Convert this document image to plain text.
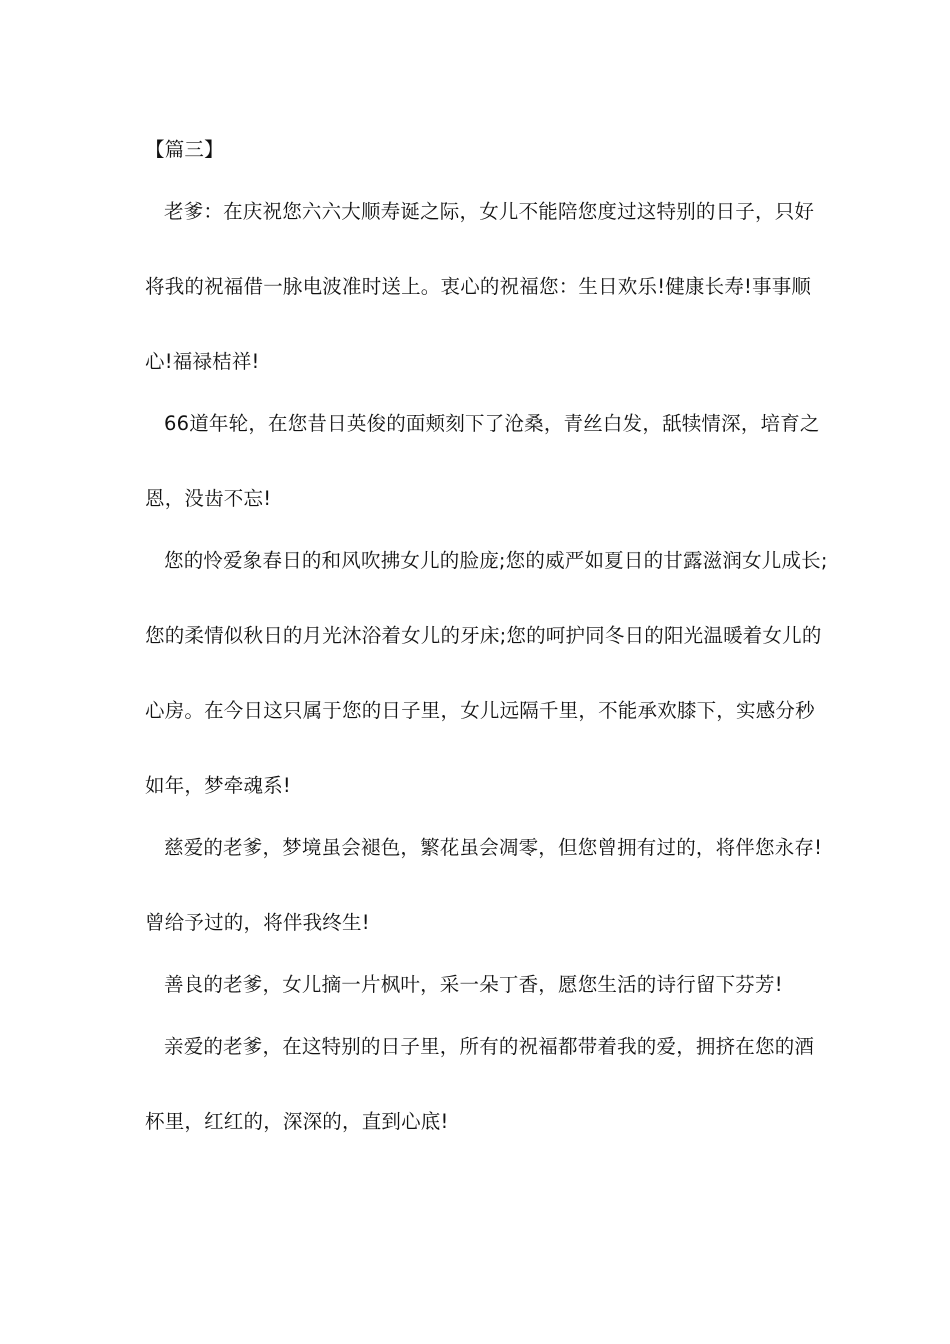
【篇三】
老爹：在庆祝您六六大顺寿诞之际，女儿不能陪您度过这特别的日子，只好
将我的祝福借一脉电波准时送上。衷心的祝福您：生日欢乐!健康长寿!事事顺
心!福禄桔祥!
66道年轮，在您昔日英俊的面颊刻下了沧桑，青丝白发，舐犊情深，培育之
恩，没齿不忘!
您的怜爱象春日的和风吹拂女儿的脸庞;您的威严如夏日的甘露滋润女儿成长;
您的柔情似秋日的月光沐浴着女儿的牙床;您的呵护同冬日的阳光温暖着女儿的
心房。在今日这只属于您的日子里，女儿远隔千里，不能承欢膝下，实感分秒
如年，梦牵魂系!
慈爱的老爹，梦境虽会褪色，繁花虽会凋零，但您曾拥有过的，将伴您永存!
曾给予过的，将伴我终生!
善良的老爹，女儿摘一片枫叶，采一朵丁香，愿您生活的诗行留下芬芳!
亲爱的老爹，在这特别的日子里，所有的祝福都带着我的爱，拥挤在您的酒
杯里，红红的，深深的，直到心底!
